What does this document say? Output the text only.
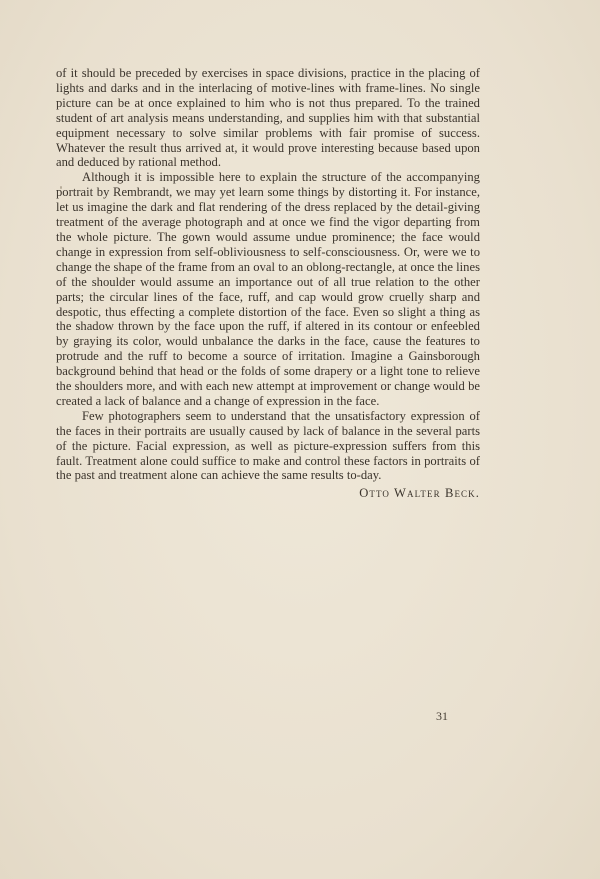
of it should be preceded by exercises in space divisions, practice in the placing of lights and darks and in the interlacing of motive-lines with frame-lines. No single picture can be at once explained to him who is not thus prepared. To the trained student of art analysis means understanding, and supplies him with that substantial equipment necessary to solve similar problems with fair promise of success. Whatever the result thus arrived at, it would prove interesting because based upon and deduced by rational method.

Although it is impossible here to explain the structure of the accompanying portrait by Rembrandt, we may yet learn some things by distorting it. For instance, let us imagine the dark and flat rendering of the dress replaced by the detail-giving treatment of the average photograph and at once we find the vigor departing from the whole picture. The gown would assume undue prominence; the face would change in expression from self-obliviousness to self-consciousness. Or, were we to change the shape of the frame from an oval to an oblong-rectangle, at once the lines of the shoulder would assume an importance out of all true relation to the other parts; the circular lines of the face, ruff, and cap would grow cruelly sharp and despotic, thus effecting a complete distortion of the face. Even so slight a thing as the shadow thrown by the face upon the ruff, if altered in its contour or enfeebled by graying its color, would unbalance the darks in the face, cause the features to protrude and the ruff to become a source of irritation. Imagine a Gainsborough background behind that head or the folds of some drapery or a light tone to relieve the shoulders more, and with each new attempt at improvement or change would be created a lack of balance and a change of expression in the face.

Few photographers seem to understand that the unsatisfactory expression of the faces in their portraits are usually caused by lack of balance in the several parts of the picture. Facial expression, as well as picture-expression suffers from this fault. Treatment alone could suffice to make and control these factors in portraits of the past and treatment alone can achieve the same results to-day.
Otto Walter Beck.

31
